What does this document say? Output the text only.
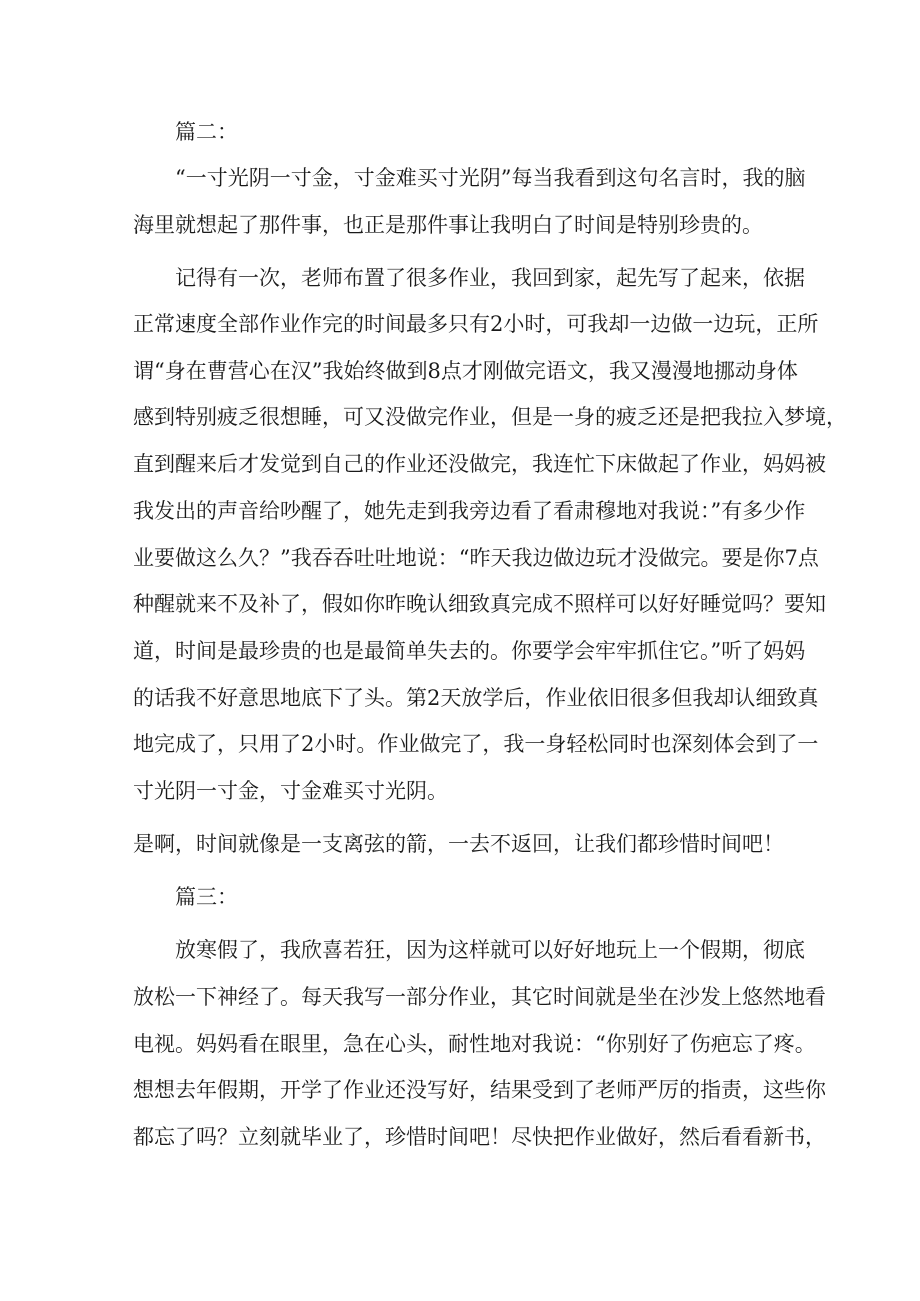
篇二：
“一寸光阴一寸金，寸金难买寸光阴”每当我看到这句名言时，我的脑
海里就想起了那件事，也正是那件事让我明白了时间是特别珍贵的。
记得有一次，老师布置了很多作业，我回到家，起先写了起来，依据
正常速度全部作业作完的时间最多只有2小时，可我却一边做一边玩，正所
谓“身在曹营心在汉”我始终做到8点才刚做完语文，我又漫漫地挪动身体
感到特别疲乏很想睡，可又没做完作业，但是一身的疲乏还是把我拉入梦境，
直到醒来后才发觉到自己的作业还没做完，我连忙下床做起了作业，妈妈被
我发出的声音给吵醒了，她先走到我旁边看了看肃穆地对我说：”有多少作
业要做这么久？”我吞吞吐吐地说：“昨天我边做边玩才没做完。要是你7点
种醒就来不及补了，假如你昨晚认细致真完成不照样可以好好睡觉吗？要知
道，时间是最珍贵的也是最简单失去的。你要学会牢牢抓住它。”听了妈妈
的话我不好意思地底下了头。第2天放学后，作业依旧很多但我却认细致真
地完成了，只用了2小时。作业做完了，我一身轻松同时也深刻体会到了一
寸光阴一寸金，寸金难买寸光阴。
是啊，时间就像是一支离弦的箭，一去不返回，让我们都珍惜时间吧！
篇三：
放寒假了，我欣喜若狂，因为这样就可以好好地玩上一个假期，彻底
放松一下神经了。每天我写一部分作业，其它时间就是坐在沙发上悠然地看
电视。妈妈看在眼里，急在心头，耐性地对我说：“你别好了伤疤忘了疼。
想想去年假期，开学了作业还没写好，结果受到了老师严厉的指责，这些你
都忘了吗？立刻就毕业了，珍惜时间吧！尽快把作业做好，然后看看新书，
